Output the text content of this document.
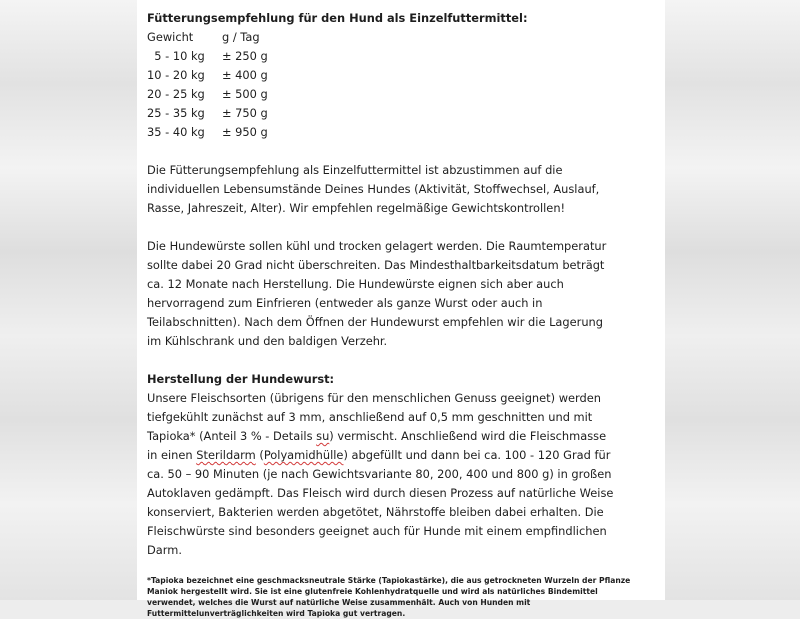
Fütterungsempfehlung für den Hund als Einzelfuttermittel:
Gewicht	g / Tag
5 - 10 kg	± 250 g
10 - 20 kg	± 400 g
20 - 25 kg	± 500 g
25 - 35 kg	± 750 g
35 - 40 kg	± 950 g
Die Fütterungsempfehlung als Einzelfuttermittel ist abzustimmen auf die
individuellen Lebensumstände Deines Hundes (Aktivität, Stoffwechsel, Auslauf,
Rasse, Jahreszeit, Alter). Wir empfehlen regelmäßige Gewichtskontrollen!
Die Hundewürste sollen kühl und trocken gelagert werden. Die Raumtemperatur
sollte dabei 20 Grad nicht überschreiten. Das Mindesthaltbarkeitsdatum beträgt
ca. 12 Monate nach Herstellung. Die Hundewürste eignen sich aber auch
hervorragend zum Einfrieren (entweder als ganze Wurst oder auch in
Teilabschnitten). Nach dem Öffnen der Hundewurst empfehlen wir die Lagerung
im Kühlschrank und den baldigen Verzehr.
Herstellung der Hundewurst:
Unsere Fleischsorten (übrigens für den menschlichen Genuss geeignet) werden
tiefgekühlt zunächst auf 3 mm, anschließend auf 0,5 mm geschnitten und mit
Tapioka* (Anteil 3 % - Details su) vermischt. Anschließend wird die Fleischmasse
in einen Sterildarm (Polyamidhülle) abgefüllt und dann bei ca. 100 - 120 Grad für
ca. 50 – 90 Minuten (je nach Gewichtsvariante 80, 200, 400 und 800 g) in großen
Autoklaven gedämpft. Das Fleisch wird durch diesen Prozess auf natürliche Weise
konserviert, Bakterien werden abgetötet, Nährstoffe bleiben dabei erhalten. Die
Fleischwürste sind besonders geeignet auch für Hunde mit einem empfindlichen
Darm.
*Tapioka bezeichnet eine geschmacksneutrale Stärke (Tapiokastärke), die aus getrockneten Wurzeln der Pflanze
Maniok hergestellt wird. Sie ist eine glutenfreie Kohlenhydratquelle und wird als natürliches Bindemittel
verwendet, welches die Wurst auf natürliche Weise zusammenhält. Auch von Hunden mit
Futtermittelunverträglichkeiten wird Tapioka gut vertragen.
